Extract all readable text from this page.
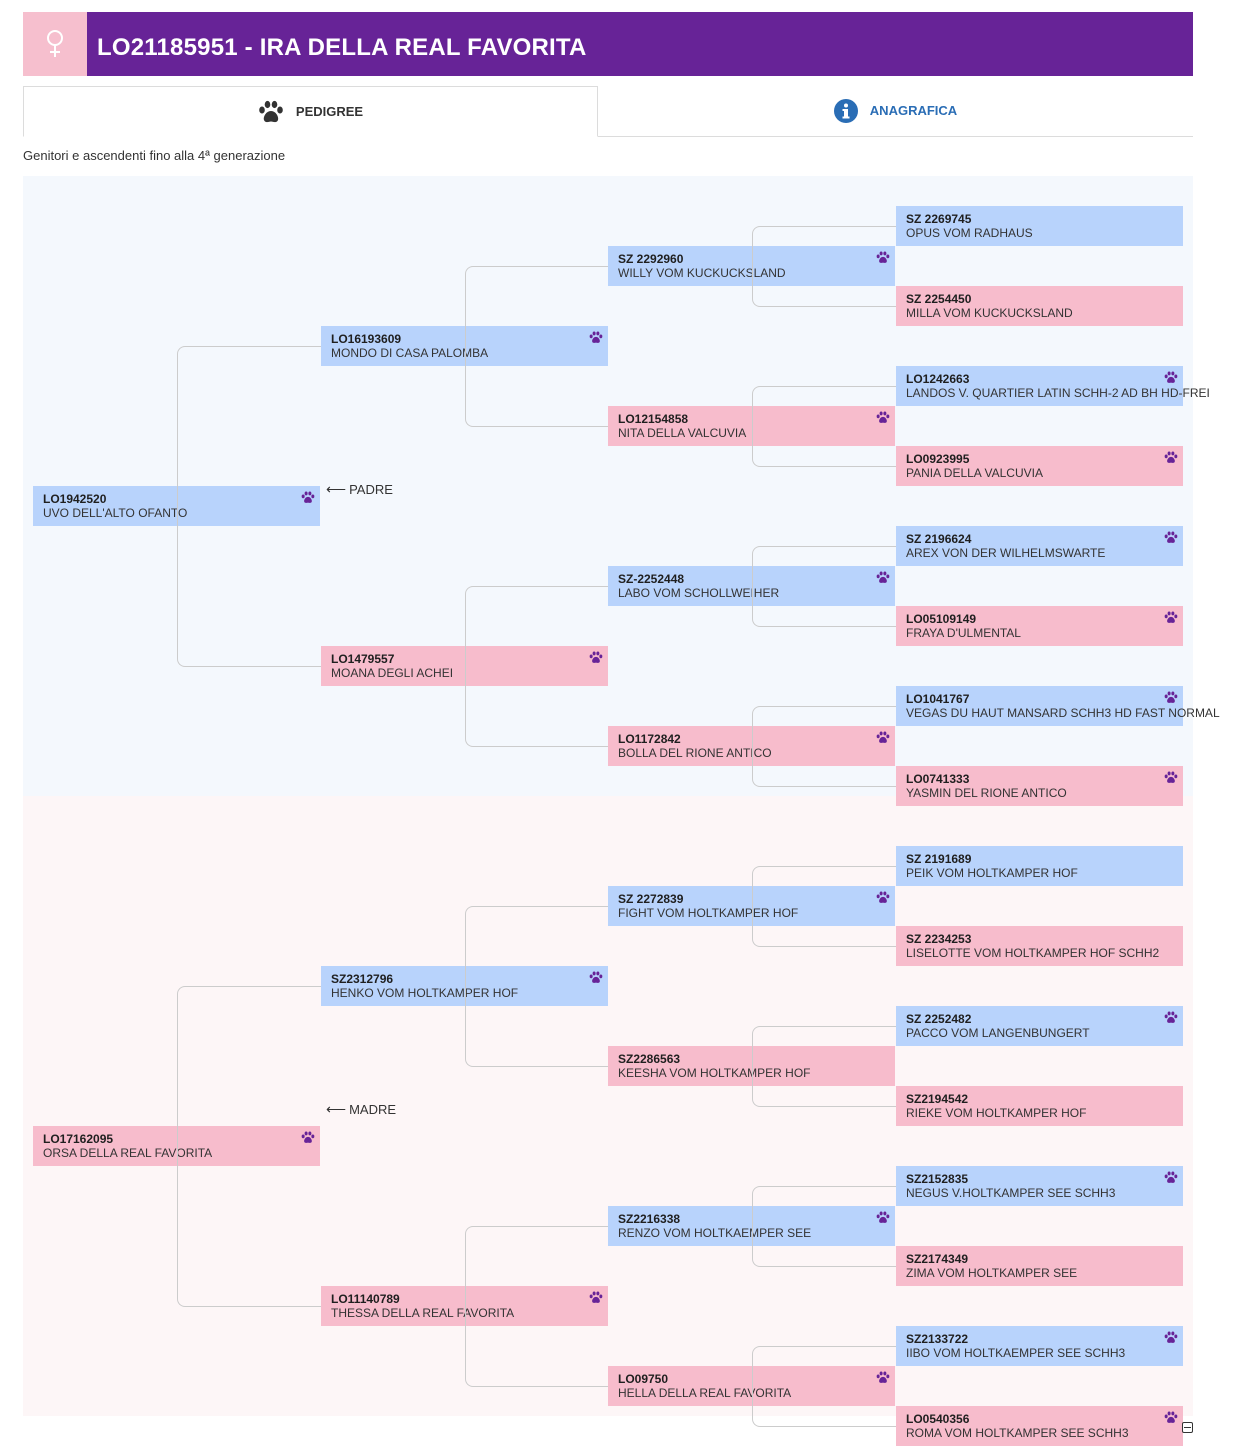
LO21185951 - IRA DELLA REAL FAVORITA
PEDIGREE	ANAGRAFICA
Genitori e ascendenti fino alla 4ª generazione
LO1942520
UVO DELL'ALTO OFANTO
LO16193609
MONDO DI CASA PALOMBA
SZ 2292960
WILLY VOM KUCKUCKSLAND
SZ 2269745
OPUS VOM RADHAUS
SZ 2254450
MILLA VOM KUCKUCKSLAND
LO12154858
NITA DELLA VALCUVIA
LO1242663
LANDOS V. QUARTIER LATIN SCHH-2 AD BH HD-FREI
LO0923995
PANIA DELLA VALCUVIA
LO1479557
MOANA DEGLI ACHEI
SZ-2252448
LABO VOM SCHOLLWEIHER
SZ 2196624
AREX VON DER WILHELMSWARTE
LO05109149
FRAYA D'ULMENTAL
LO1172842
BOLLA DEL RIONE ANTICO
LO1041767
VEGAS DU HAUT MANSARD SCHH3 HD FAST NORMAL
LO0741333
YASMIN DEL RIONE ANTICO
LO17162095
ORSA DELLA REAL FAVORITA
SZ2312796
HENKO VOM HOLTKAMPER HOF
SZ 2272839
FIGHT VOM HOLTKAMPER HOF
SZ 2191689
PEIK VOM HOLTKAMPER HOF
SZ 2234253
LISELOTTE VOM HOLTKAMPER HOF SCHH2
SZ2286563
KEESHA VOM HOLTKAMPER HOF
SZ 2252482
PACCO VOM LANGENBUNGERT
SZ2194542
RIEKE VOM HOLTKAMPER HOF
LO11140789
THESSA DELLA REAL FAVORITA
SZ2216338
RENZO VOM HOLTKAEMPER SEE
SZ2152835
NEGUS V.HOLTKAMPER SEE SCHH3
SZ2174349
ZIMA VOM HOLTKAMPER SEE
LO09750
HELLA DELLA REAL FAVORITA
SZ2133722
IIBO VOM HOLTKAEMPER SEE SCHH3
LO0540356
ROMA VOM HOLTKAMPER SEE SCHH3
⟵ PADRE
⟵ MADRE
